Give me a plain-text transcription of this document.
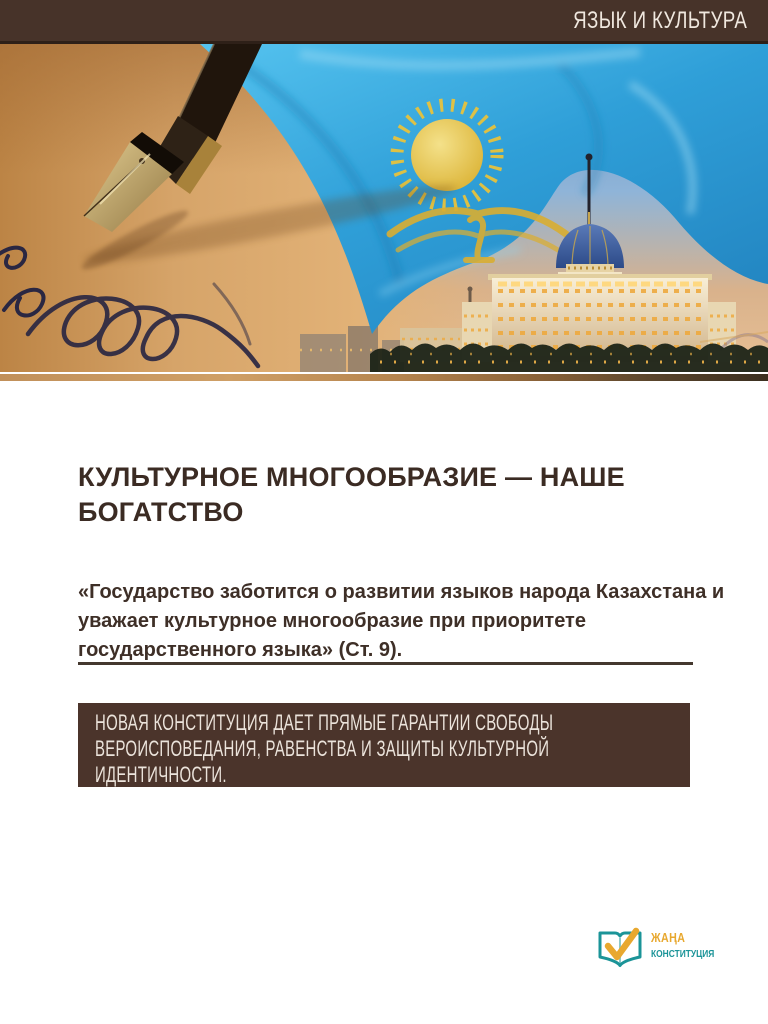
ЯЗЫК И КУЛЬТУРА
КУЛЬТУРНОЕ МНОГООБРАЗИЕ — НАШЕ
БОГАТСТВО
«Государство заботится о развитии языков народа Казахстана и
уважает культурное многообразие при приоритете
государственного языка» (Ст. 9).
НОВАЯ КОНСТИТУЦИЯ ДАЕТ ПРЯМЫЕ ГАРАНТИИ СВОБОДЫ
ВЕРОИСПОВЕДАНИЯ, РАВЕНСТВА И ЗАЩИТЫ КУЛЬТУРНОЙ
ИДЕНТИЧНОСТИ.
ЖАҢА
КОНСТИТУЦИЯ
